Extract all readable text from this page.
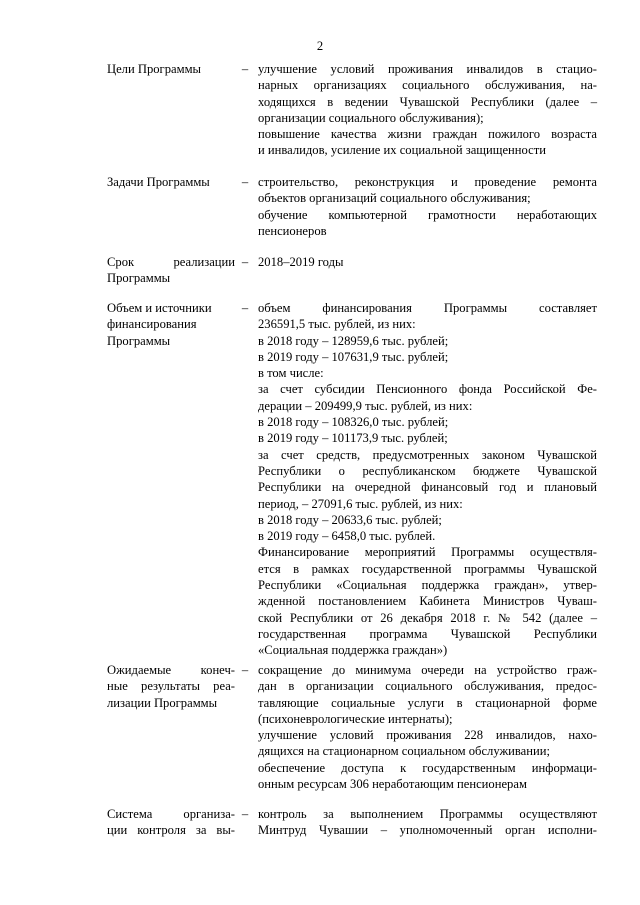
2
Цели Программы	– улучшение условий проживания инвалидов в стацио-
нарных организациях социального обслуживания, на-
ходящихся в ведении Чувашской Республики (далее –
организации социального обслуживания);
повышение качества жизни граждан пожилого возраста
и инвалидов, усиление их социальной защищенности
Задачи Программы	– строительство, реконструкция и проведение ремонта
объектов организаций социального обслуживания;
обучение компьютерной грамотности неработающих
пенсионеров
Срок реализации
Программы
– 2018–2019 годы
Объем и источники
финансирования
Программы
– объем финансирования Программы составляет
236591,5 тыс. рублей, из них:
в 2018 году – 128959,6 тыс. рублей;
в 2019 году – 107631,9 тыс. рублей;
в том числе:
за счет субсидии Пенсионного фонда Российской Фе-
дерации – 209499,9 тыс. рублей, из них:
в 2018 году – 108326,0 тыс. рублей;
в 2019 году – 101173,9 тыс. рублей;
за счет средств, предусмотренных законом Чувашской
Республики о республиканском бюджете Чувашской
Республики на очередной финансовый год и плановый
период, – 27091,6 тыс. рублей, из них:
в 2018 году – 20633,6 тыс. рублей;
в 2019 году – 6458,0 тыс. рублей.
Финансирование мероприятий Программы осуществля-
ется в рамках государственной программы Чувашской
Республики «Социальная поддержка граждан», утвер-
жденной постановлением Кабинета Министров Чуваш-
ской Республики от 26 декабря 2018 г. № 542 (далее –
государственная программа Чувашской Республики
«Социальная поддержка граждан»)
Ожидаемые конеч-
ные результаты реа-
лизации Программы
– сокращение до минимума очереди на устройство граж-
дан в организации социального обслуживания, предос-
тавляющие социальные услуги в стационарной форме
(психоневрологические интернаты);
улучшение условий проживания 228 инвалидов, нахо-
дящихся на стационарном социальном обслуживании;
обеспечение доступа к государственным информаци-
онным ресурсам 306 неработающим пенсионерам
Система организа-
ции контроля за вы-
– контроль за выполнением Программы осуществляют
Минтруд Чувашии – уполномоченный орган исполни-
